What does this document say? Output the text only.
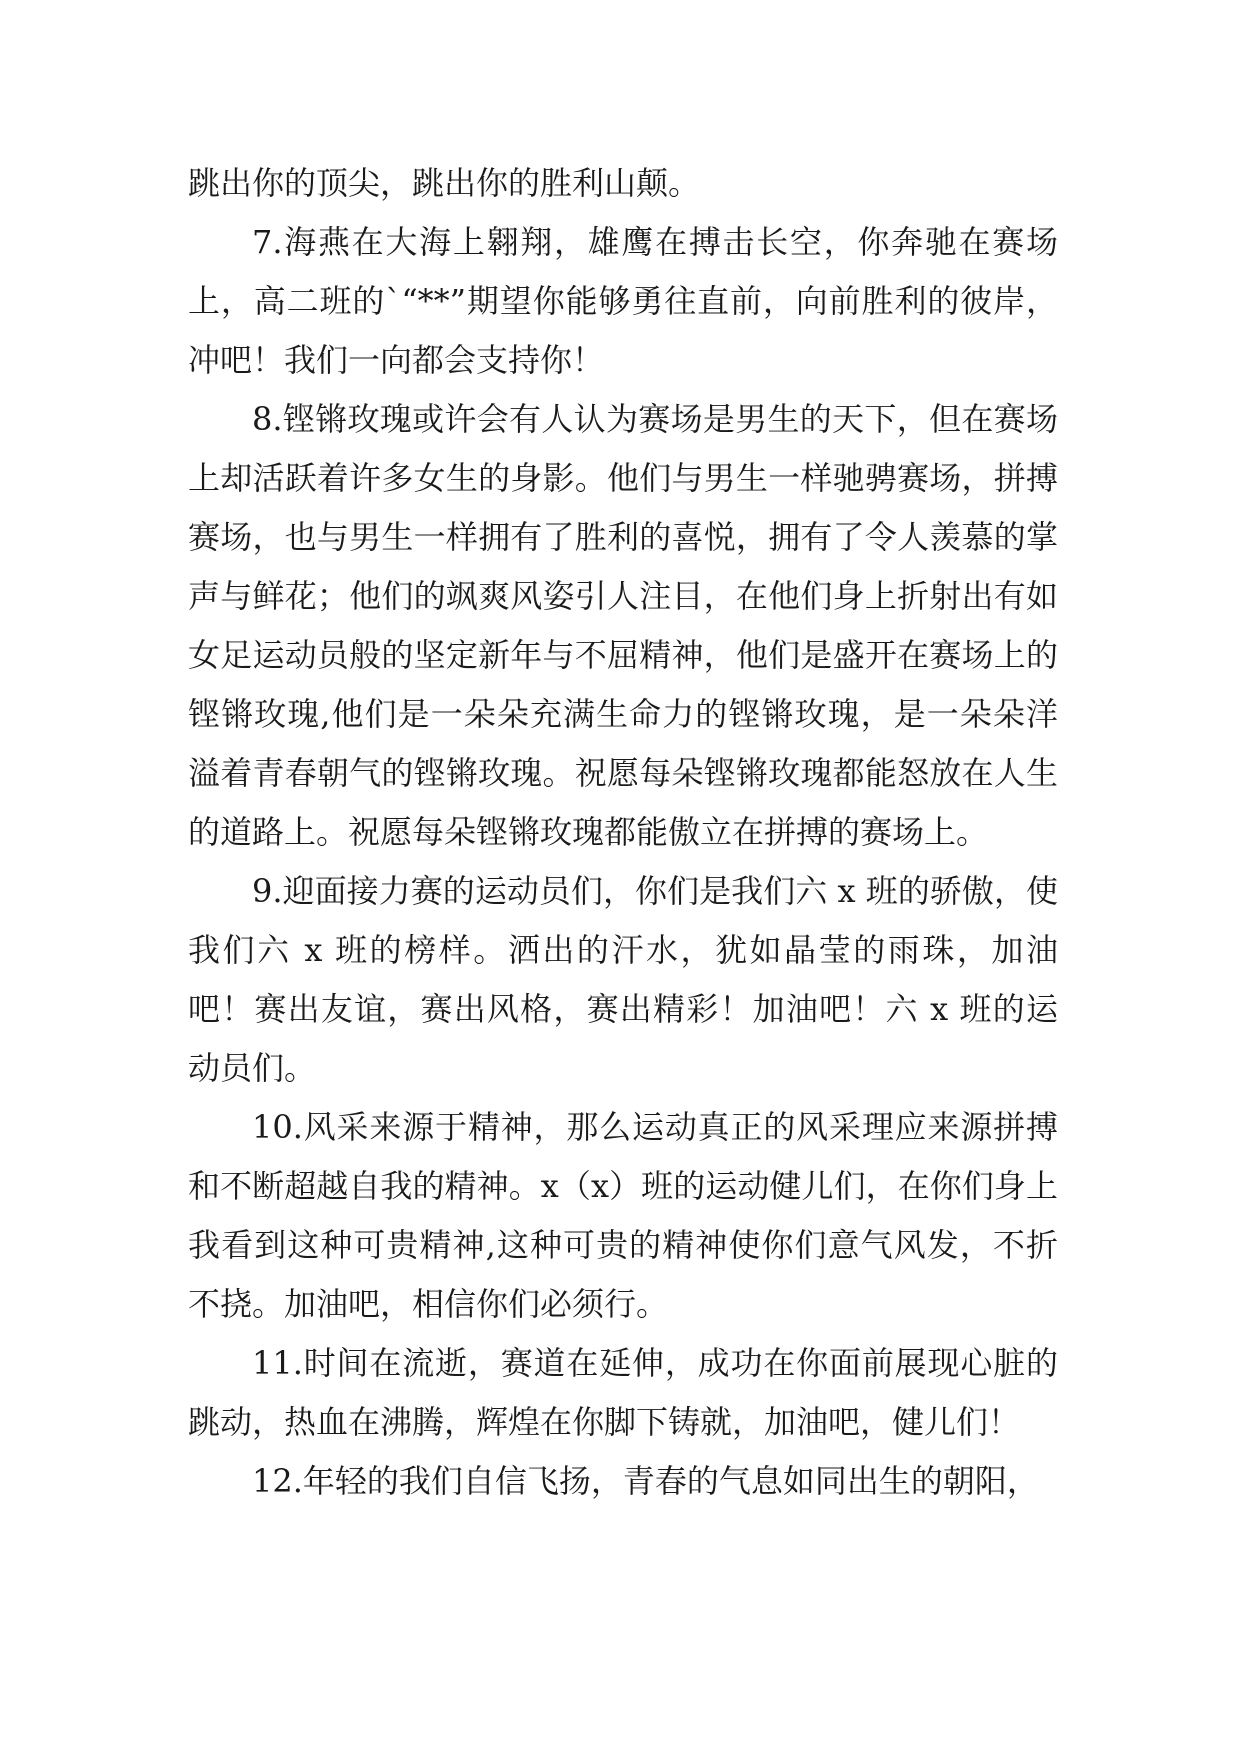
跳出你的顶尖，跳出你的胜利山颠。

7.海燕在大海上翱翔，雄鹰在搏击长空，你奔驰在赛场上，高二班的`“**”期望你能够勇往直前，向前胜利的彼岸，冲吧！我们一向都会支持你！

8.铿锵玫瑰或许会有人认为赛场是男生的天下，但在赛场上却活跃着许多女生的身影。他们与男生一样驰骋赛场，拼搏赛场，也与男生一样拥有了胜利的喜悦，拥有了令人羡慕的掌声与鲜花；他们的飒爽风姿引人注目，在他们身上折射出有如女足运动员般的坚定新年与不屈精神，他们是盛开在赛场上的铿锵玫瑰,他们是一朵朵充满生命力的铿锵玫瑰，是一朵朵洋溢着青春朝气的铿锵玫瑰。祝愿每朵铿锵玫瑰都能怒放在人生的道路上。祝愿每朵铿锵玫瑰都能傲立在拼搏的赛场上。

9.迎面接力赛的运动员们，你们是我们六 x 班的骄傲，使我们六 x 班的榜样。洒出的汗水，犹如晶莹的雨珠，加油吧！赛出友谊，赛出风格，赛出精彩！加油吧！六 x 班的运动员们。

10.风采来源于精神，那么运动真正的风采理应来源拼搏和不断超越自我的精神。x（x）班的运动健儿们，在你们身上我看到这种可贵精神,这种可贵的精神使你们意气风发，不折不挠。加油吧，相信你们必须行。

11.时间在流逝，赛道在延伸，成功在你面前展现心脏的跳动，热血在沸腾，辉煌在你脚下铸就，加油吧，健儿们！

12.年轻的我们自信飞扬，青春的气息如同出生的朝阳，
